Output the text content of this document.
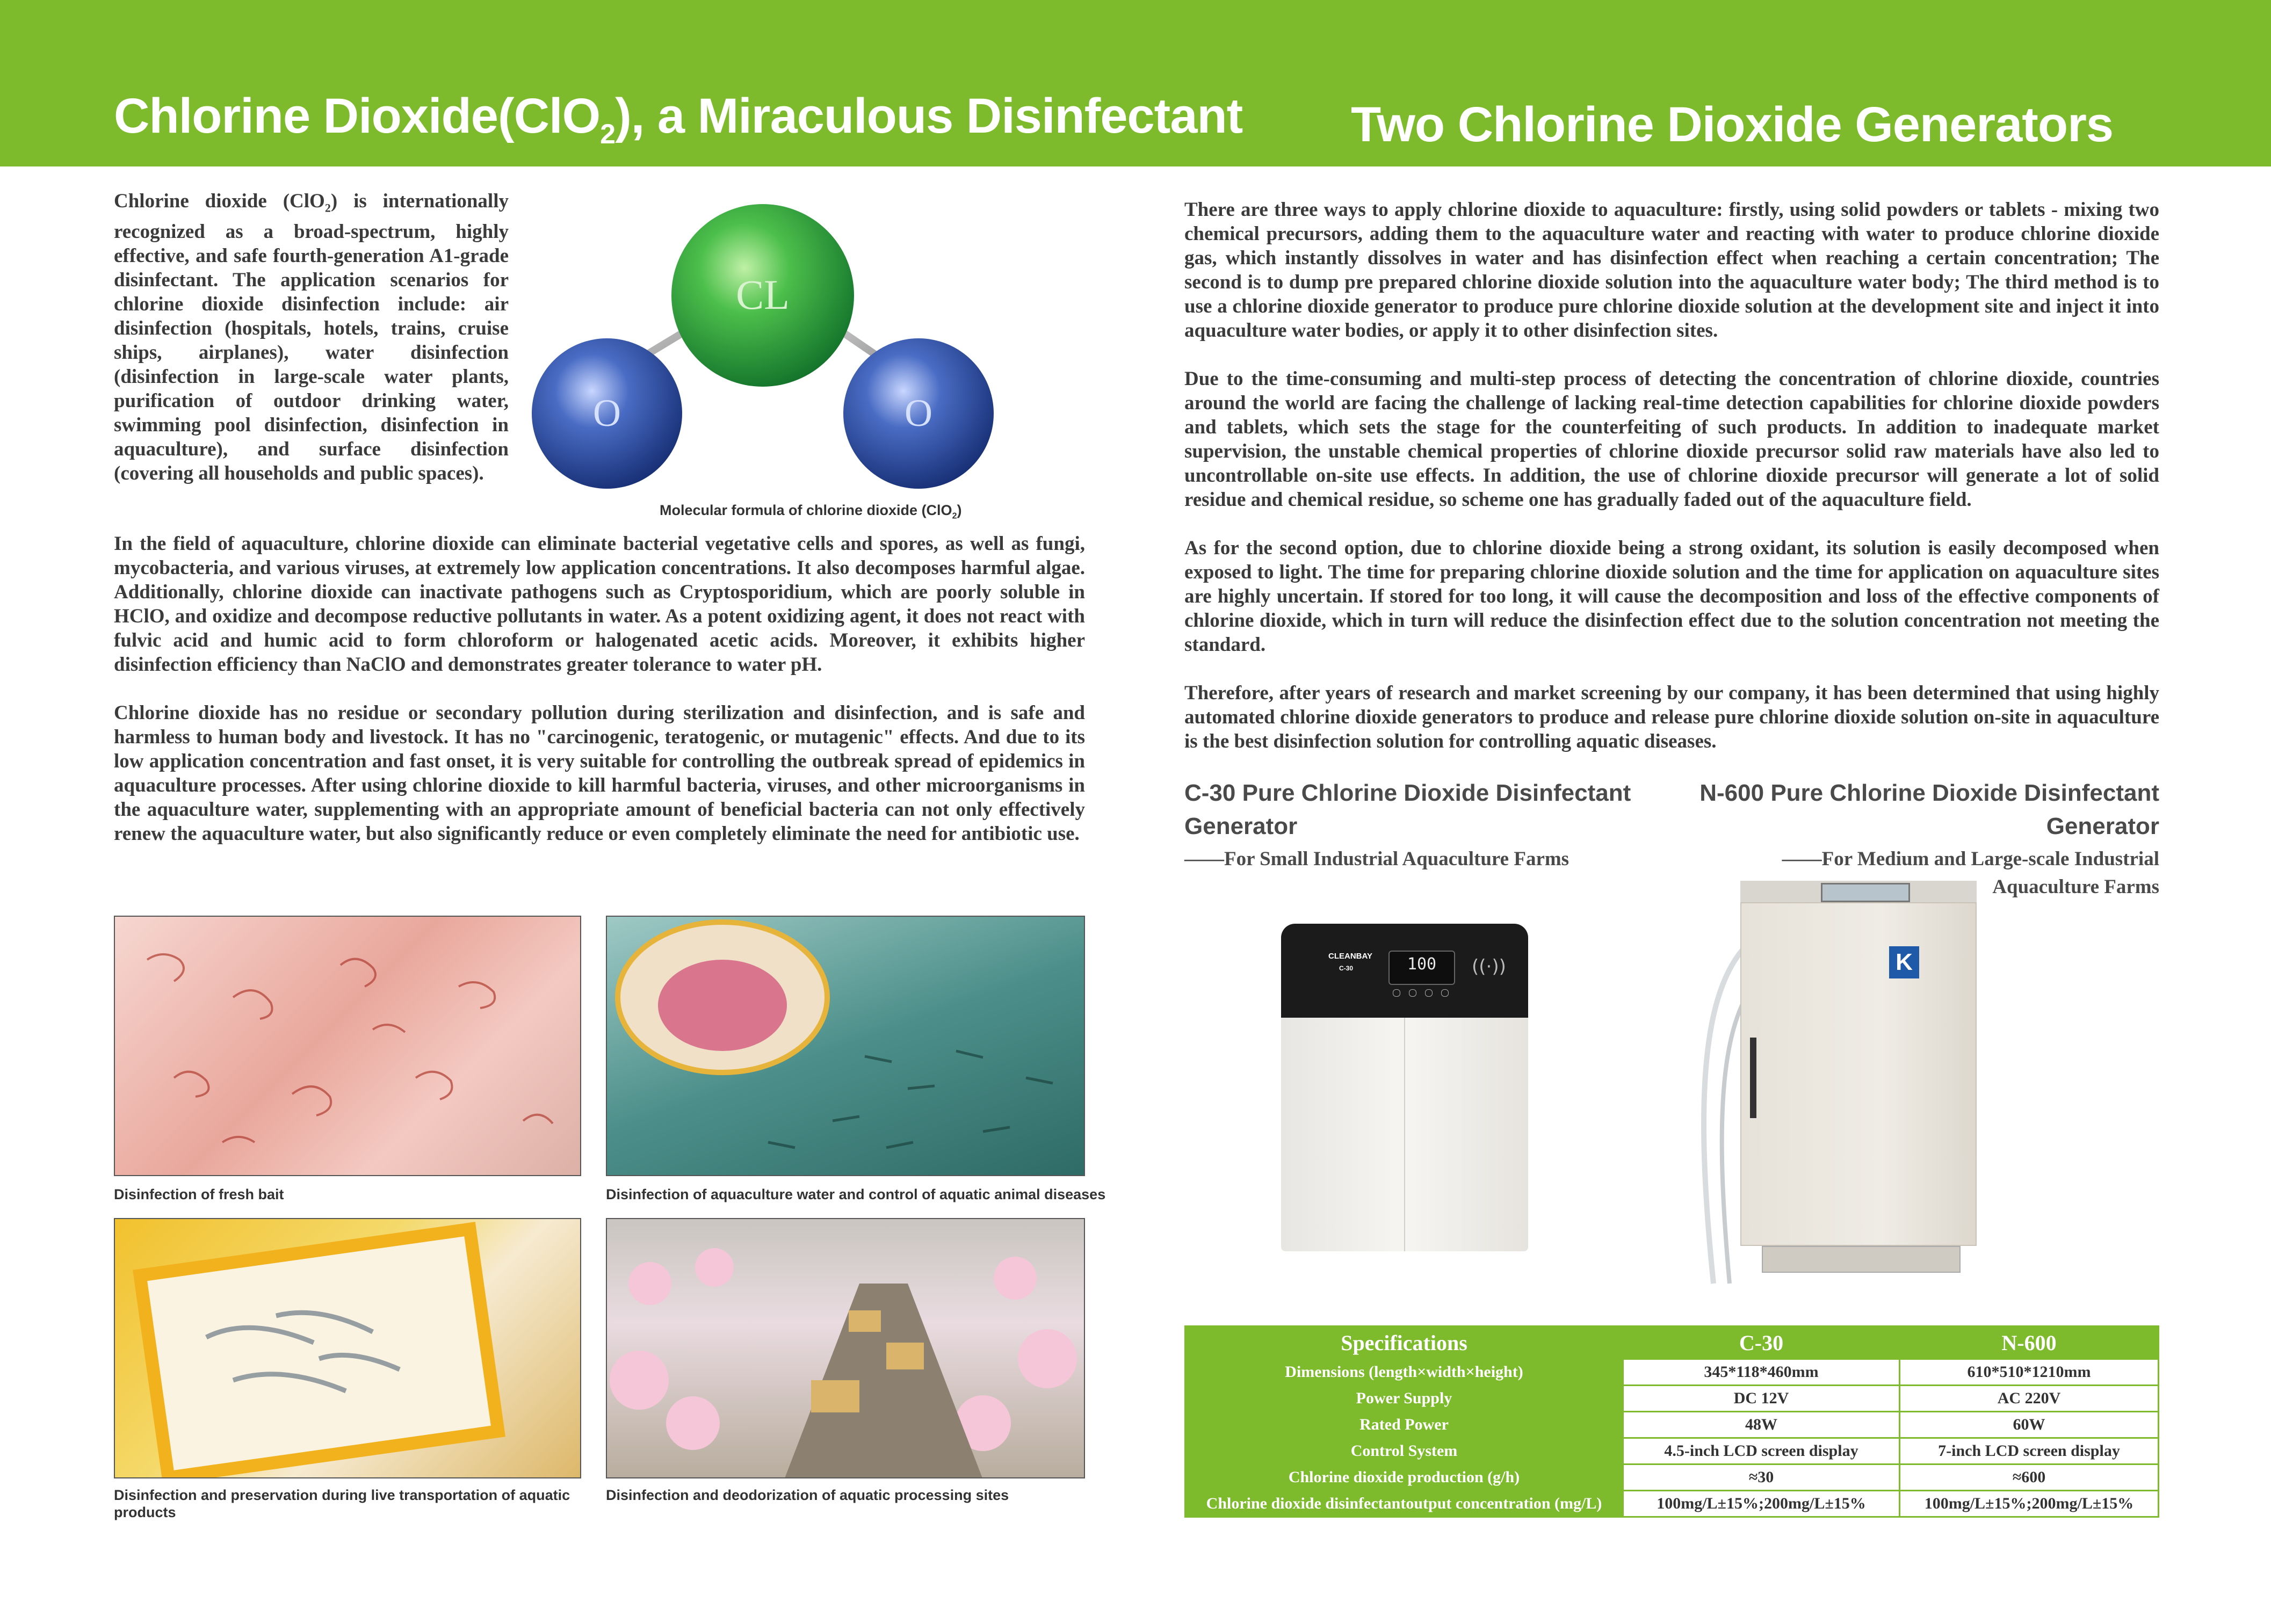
Chlorine Dioxide(ClO$_2$), a Miraculous Disinfectant Two Chlorine Dioxide Generators
Chlorine dioxide (ClO$_2$) is internationally recognized as a broad-spectrum, highly effective, and safe fourth-generation A1-grade disinfectant. The application scenarios for chlorine dioxide disinfection include: air disinfection (hospitals, hotels, trains, cruise ships, airplanes), water disinfection (disinfection in large-scale water plants, purification of outdoor drinking water, swimming pool disinfection, disinfection in aquaculture), and surface disinfection (covering all households and public spaces).
CL
O	O
Molecular formula of chlorine dioxide (ClO$_2$)

In the field of aquaculture, chlorine dioxide can eliminate bacterial vegetative cells and spores, as well as fungi, mycobacteria, and various viruses, at extremely low application concentrations. It also decomposes harmful algae. Additionally, chlorine dioxide can inactivate pathogens such as Cryptosporidium, which are poorly soluble in HClO, and oxidize and decompose reductive pollutants in water. As a potent oxidizing agent, it does not react with fulvic acid and humic acid to form chloroform or halogenated acetic acids. Moreover, it exhibits higher disinfection efficiency than NaClO and demonstrates greater tolerance to water pH.

Chlorine dioxide has no residue or secondary pollution during sterilization and disinfection, and is safe and harmless to human body and livestock. It has no "carcinogenic, teratogenic, or mutagenic" effects. And due to its low application concentration and fast onset, it is very suitable for controlling the outbreak spread of epidemics in aquaculture processes. After using chlorine dioxide to kill harmful bacteria, viruses, and other microorganisms in the aquaculture water, supplementing with an appropriate amount of beneficial bacteria can not only effectively renew the aquaculture water, but also significantly reduce or even completely eliminate the need for antibiotic use.

Disinfection of fresh bait	Disinfection of aquaculture water and control of aquatic animal diseases
Disinfection and preservation during live transportation of aquatic products
Disinfection and deodorization of aquatic processing sites

There are three ways to apply chlorine dioxide to aquaculture: firstly, using solid powders or tablets - mixing two chemical precursors, adding them to the aquaculture water and reacting with water to produce chlorine dioxide gas, which instantly dissolves in water and has disinfection effect when reaching a certain concentration; The second is to dump pre prepared chlorine dioxide solution into the aquaculture water body; The third method is to use a chlorine dioxide generator to produce pure chlorine dioxide solution at the development site and inject it into aquaculture water bodies, or apply it to other disinfection sites.

Due to the time-consuming and multi-step process of detecting the concentration of chlorine dioxide, countries around the world are facing the challenge of lacking real-time detection capabilities for chlorine dioxide powders and tablets, which sets the stage for the counterfeiting of such products. In addition to inadequate market supervision, the unstable chemical properties of chlorine dioxide precursor solid raw materials have also led to uncontrollable on-site use effects. In addition, the use of chlorine dioxide precursor will generate a lot of solid residue and chemical residue, so scheme one has gradually faded out of the aquaculture field.

As for the second option, due to chlorine dioxide being a strong oxidant, its solution is easily decomposed when exposed to light. The time for preparing chlorine dioxide solution and the time for application on aquaculture sites are highly uncertain. If stored for too long, it will cause the decomposition and loss of the effective components of chlorine dioxide, which in turn will reduce the disinfection effect due to the solution concentration not meeting the standard.

Therefore, after years of research and market screening by our company, it has been determined that using highly automated chlorine dioxide generators to produce and release pure chlorine dioxide solution on-site in aquaculture is the best disinfection solution for controlling aquatic diseases.

C-30 Pure Chlorine Dioxide Disinfectant Generator
——For Small Industrial Aquaculture Farms
N-600 Pure Chlorine Dioxide Disinfectant Generator
——For Medium and Large-scale Industrial Aquaculture Farms
CLEANBAY
C-30	100	((·))	K
Specifications	C-30	N-600
Dimensions (length×width×height)	345*118*460mm	610*510*1210mm
Power Supply	DC 12V	AC 220V
Rated Power	48W	60W
Control System	4.5-inch LCD screen display	7-inch LCD screen display
Chlorine dioxide production (g/h)	≈30	≈600
Chlorine dioxide disinfectantoutput concentration (mg/L)	100mg/L±15%;200mg/L±15%	100mg/L±15%;200mg/L±15%
